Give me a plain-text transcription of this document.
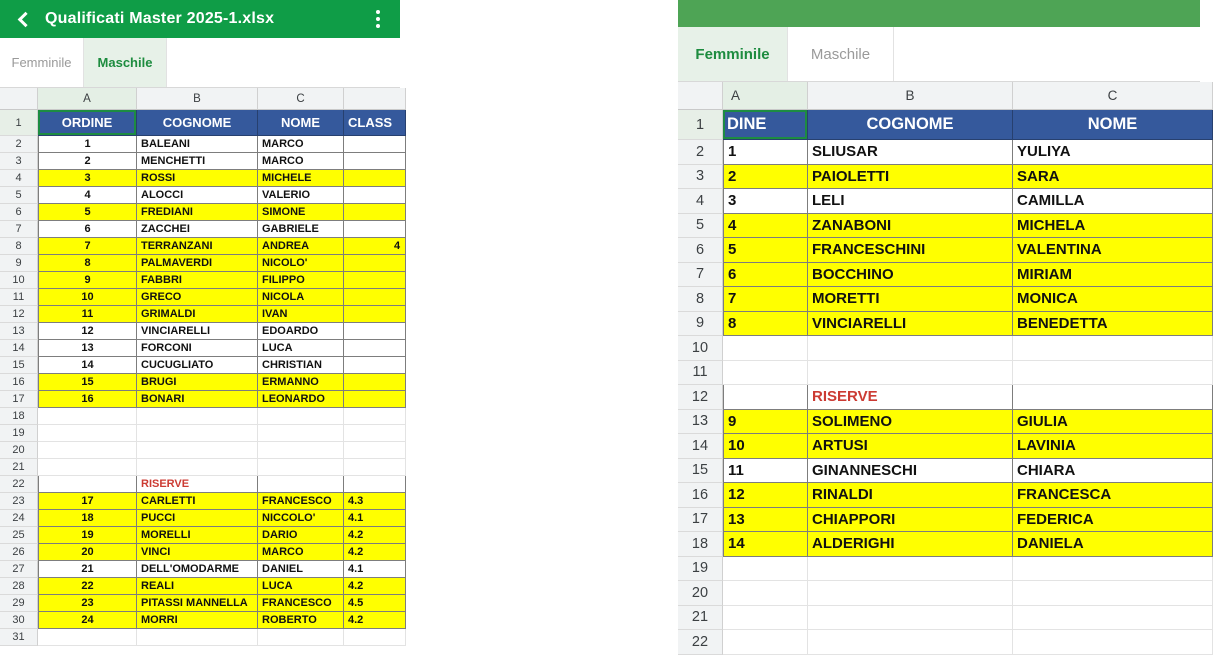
Qualificati Master 2025-1.xlsx
Femminile	Maschile
A	B	C
1	ORDINE	COGNOME	NOME	CLASS
2	1	BALEANI	MARCO
3	2	MENCHETTI	MARCO
4	3	ROSSI	MICHELE
5	4	ALOCCI	VALERIO
6	5	FREDIANI	SIMONE
7	6	ZACCHEI	GABRIELE
8	7	TERRANZANI	ANDREA	4
9	8	PALMAVERDI	NICOLO'
10	9	FABBRI	FILIPPO
11	10	GRECO	NICOLA
12	11	GRIMALDI	IVAN
13	12	VINCIARELLI	EDOARDO
14	13	FORCONI	LUCA
15	14	CUCUGLIATO	CHRISTIAN
16	15	BRUGI	ERMANNO
17	16	BONARI	LEONARDO
18
19
20
21
22	RISERVE
23	17	CARLETTI	FRANCESCO	4.3
24	18	PUCCI	NICCOLO'	4.1
25	19	MORELLI	DARIO	4.2
26	20	VINCI	MARCO	4.2
27	21	DELL'OMODARME	DANIEL	4.1
28	22	REALI	LUCA	4.2
29	23	PITASSI MANNELLA	FRANCESCO	4.5
30	24	MORRI	ROBERTO	4.2
31
Femminile	Maschile
A	B	C
1	DINE	COGNOME	NOME
2	1	SLIUSAR	YULIYA
3	2	PAIOLETTI	SARA
4	3	LELI	CAMILLA
5	4	ZANABONI	MICHELA
6	5	FRANCESCHINI	VALENTINA
7	6	BOCCHINO	MIRIAM
8	7	MORETTI	MONICA
9	8	VINCIARELLI	BENEDETTA
10
11
12	RISERVE
13	9	SOLIMENO	GIULIA
14	10	ARTUSI	LAVINIA
15	11	GINANNESCHI	CHIARA
16	12	RINALDI	FRANCESCA
17	13	CHIAPPORI	FEDERICA
18	14	ALDERIGHI	DANIELA
19
20
21
22
